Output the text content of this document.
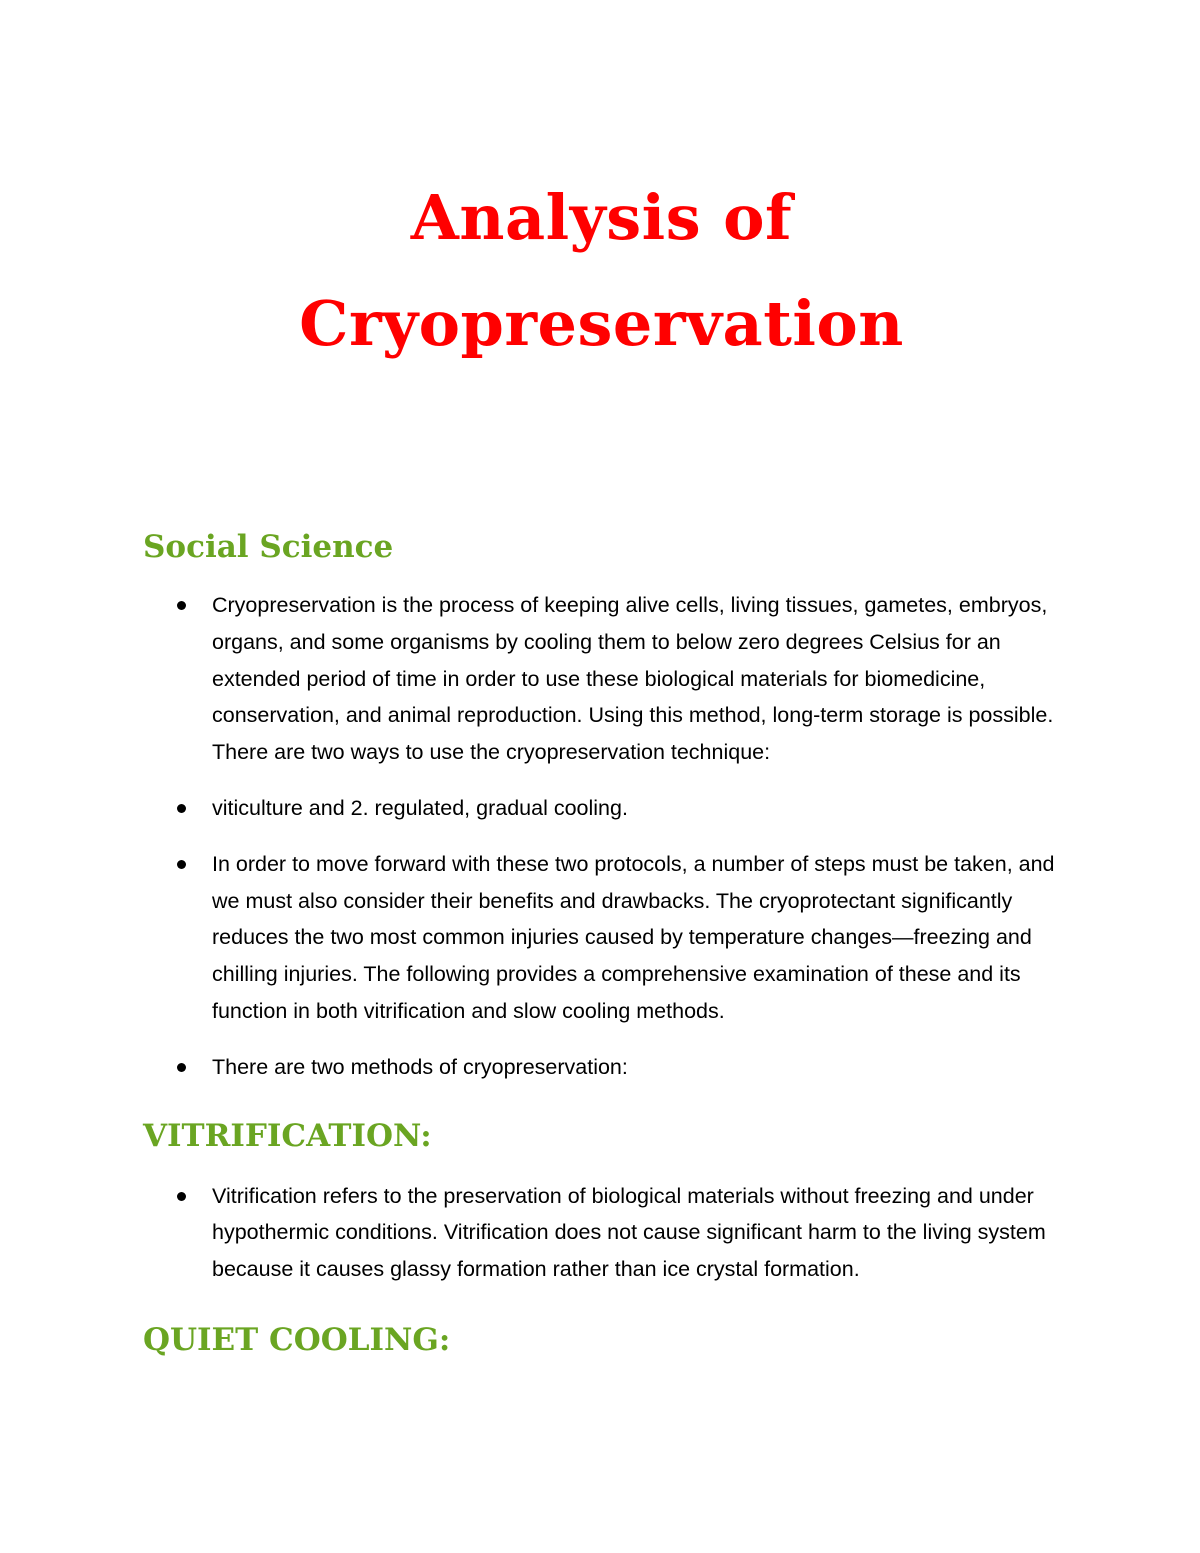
Analysis of
Cryopreservation
Social Science
Cryopreservation is the process of keeping alive cells, living tissues, gametes, embryos, organs, and some organisms by cooling them to below zero degrees Celsius for an extended period of time in order to use these biological materials for biomedicine, conservation, and animal reproduction. Using this method, long-term storage is possible. There are two ways to use the cryopreservation technique:
viticulture and 2. regulated, gradual cooling.
In order to move forward with these two protocols, a number of steps must be taken, and we must also consider their benefits and drawbacks. The cryoprotectant significantly reduces the two most common injuries caused by temperature changes—freezing and chilling injuries. The following provides a comprehensive examination of these and its function in both vitrification and slow cooling methods.
There are two methods of cryopreservation:
VITRIFICATION:
Vitrification refers to the preservation of biological materials without freezing and under hypothermic conditions. Vitrification does not cause significant harm to the living system because it causes glassy formation rather than ice crystal formation.
QUIET COOLING:
